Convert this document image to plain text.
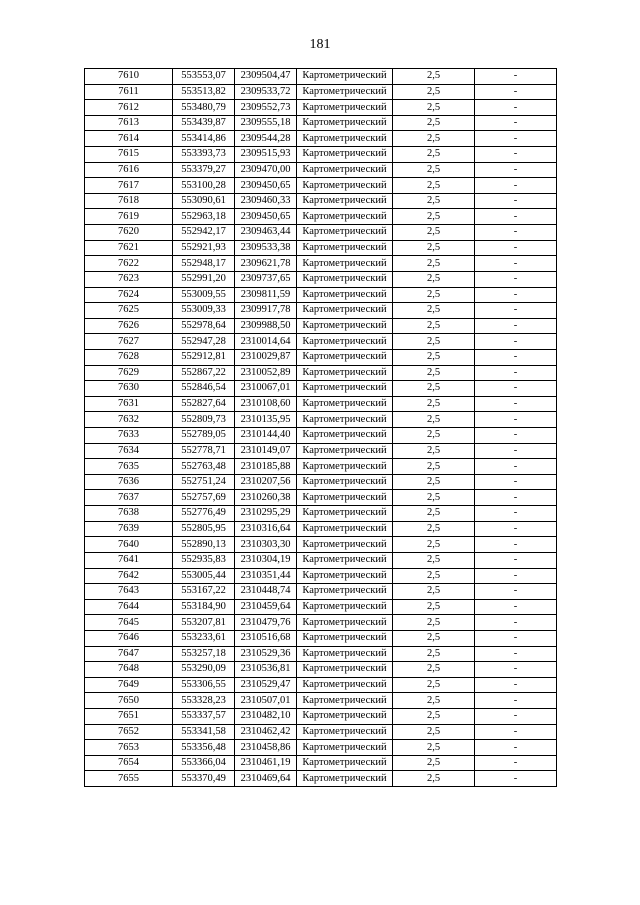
181
7610	553553,07	2309504,47	Картометрический	2,5	-
7611	553513,82	2309533,72	Картометрический	2,5	-
7612	553480,79	2309552,73	Картометрический	2,5	-
7613	553439,87	2309555,18	Картометрический	2,5	-
7614	553414,86	2309544,28	Картометрический	2,5	-
7615	553393,73	2309515,93	Картометрический	2,5	-
7616	553379,27	2309470,00	Картометрический	2,5	-
7617	553100,28	2309450,65	Картометрический	2,5	-
7618	553090,61	2309460,33	Картометрический	2,5	-
7619	552963,18	2309450,65	Картометрический	2,5	-
7620	552942,17	2309463,44	Картометрический	2,5	-
7621	552921,93	2309533,38	Картометрический	2,5	-
7622	552948,17	2309621,78	Картометрический	2,5	-
7623	552991,20	2309737,65	Картометрический	2,5	-
7624	553009,55	2309811,59	Картометрический	2,5	-
7625	553009,33	2309917,78	Картометрический	2,5	-
7626	552978,64	2309988,50	Картометрический	2,5	-
7627	552947,28	2310014,64	Картометрический	2,5	-
7628	552912,81	2310029,87	Картометрический	2,5	-
7629	552867,22	2310052,89	Картометрический	2,5	-
7630	552846,54	2310067,01	Картометрический	2,5	-
7631	552827,64	2310108,60	Картометрический	2,5	-
7632	552809,73	2310135,95	Картометрический	2,5	-
7633	552789,05	2310144,40	Картометрический	2,5	-
7634	552778,71	2310149,07	Картометрический	2,5	-
7635	552763,48	2310185,88	Картометрический	2,5	-
7636	552751,24	2310207,56	Картометрический	2,5	-
7637	552757,69	2310260,38	Картометрический	2,5	-
7638	552776,49	2310295,29	Картометрический	2,5	-
7639	552805,95	2310316,64	Картометрический	2,5	-
7640	552890,13	2310303,30	Картометрический	2,5	-
7641	552935,83	2310304,19	Картометрический	2,5	-
7642	553005,44	2310351,44	Картометрический	2,5	-
7643	553167,22	2310448,74	Картометрический	2,5	-
7644	553184,90	2310459,64	Картометрический	2,5	-
7645	553207,81	2310479,76	Картометрический	2,5	-
7646	553233,61	2310516,68	Картометрический	2,5	-
7647	553257,18	2310529,36	Картометрический	2,5	-
7648	553290,09	2310536,81	Картометрический	2,5	-
7649	553306,55	2310529,47	Картометрический	2,5	-
7650	553328,23	2310507,01	Картометрический	2,5	-
7651	553337,57	2310482,10	Картометрический	2,5	-
7652	553341,58	2310462,42	Картометрический	2,5	-
7653	553356,48	2310458,86	Картометрический	2,5	-
7654	553366,04	2310461,19	Картометрический	2,5	-
7655	553370,49	2310469,64	Картометрический	2,5	-
